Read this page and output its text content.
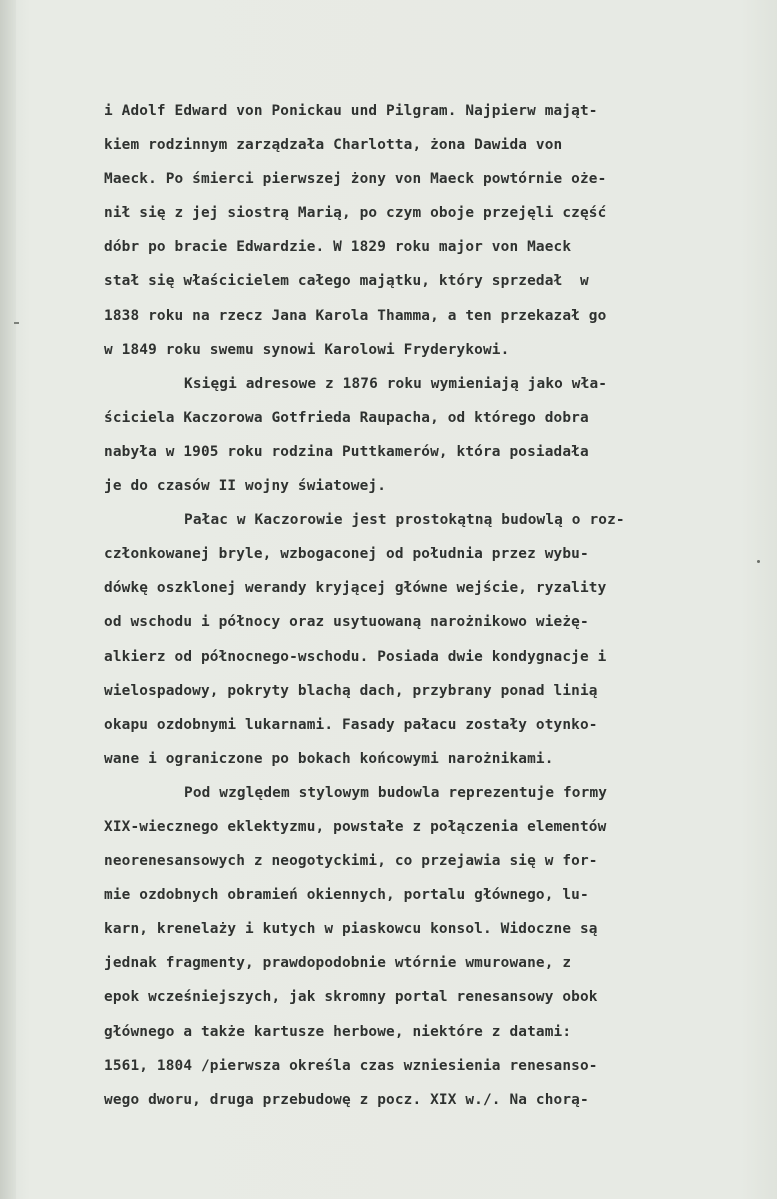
i Adolf Edward von Ponickau und Pilgram. Najpierw mająt-
kiem rodzinnym zarządzała Charlotta, żona Dawida von
Maeck. Po śmierci pierwszej żony von Maeck powtórnie oże-
nił się z jej siostrą Marią, po czym oboje przejęli część
dóbr po bracie Edwardzie. W 1829 roku major von Maeck
stał się właścicielem całego majątku, który sprzedał  w
1838 roku na rzecz Jana Karola Thamma, a ten przekazał go
w 1849 roku swemu synowi Karolowi Fryderykowi.
Księgi adresowe z 1876 roku wymieniają jako wła-
ściciela Kaczorowa Gotfrieda Raupacha, od którego dobra
nabyła w 1905 roku rodzina Puttkamerów, która posiadała
je do czasów II wojny światowej.
Pałac w Kaczorowie jest prostokątną budowlą o roz-
członkowanej bryle, wzbogaconej od południa przez wybu-
dówkę oszklonej werandy kryjącej główne wejście, ryzality
od wschodu i północy oraz usytuowaną narożnikowo wieżę-
alkierz od północnego-wschodu. Posiada dwie kondygnacje i
wielospadowy, pokryty blachą dach, przybrany ponad linią
okapu ozdobnymi lukarnami. Fasady pałacu zostały otynko-
wane i ograniczone po bokach końcowymi narożnikami.
Pod względem stylowym budowla reprezentuje formy
XIX-wiecznego eklektyzmu, powstałe z połączenia elementów
neorenesansowych z neogotyckimi, co przejawia się w for-
mie ozdobnych obramień okiennych, portalu głównego, lu-
karn, krenelaży i kutych w piaskowcu konsol. Widoczne są
jednak fragmenty, prawdopodobnie wtórnie wmurowane, z
epok wcześniejszych, jak skromny portal renesansowy obok
głównego a także kartusze herbowe, niektóre z datami:
1561, 1804 /pierwsza określa czas wzniesienia renesanso-
wego dworu, druga przebudowę z pocz. XIX w./. Na chorą-
